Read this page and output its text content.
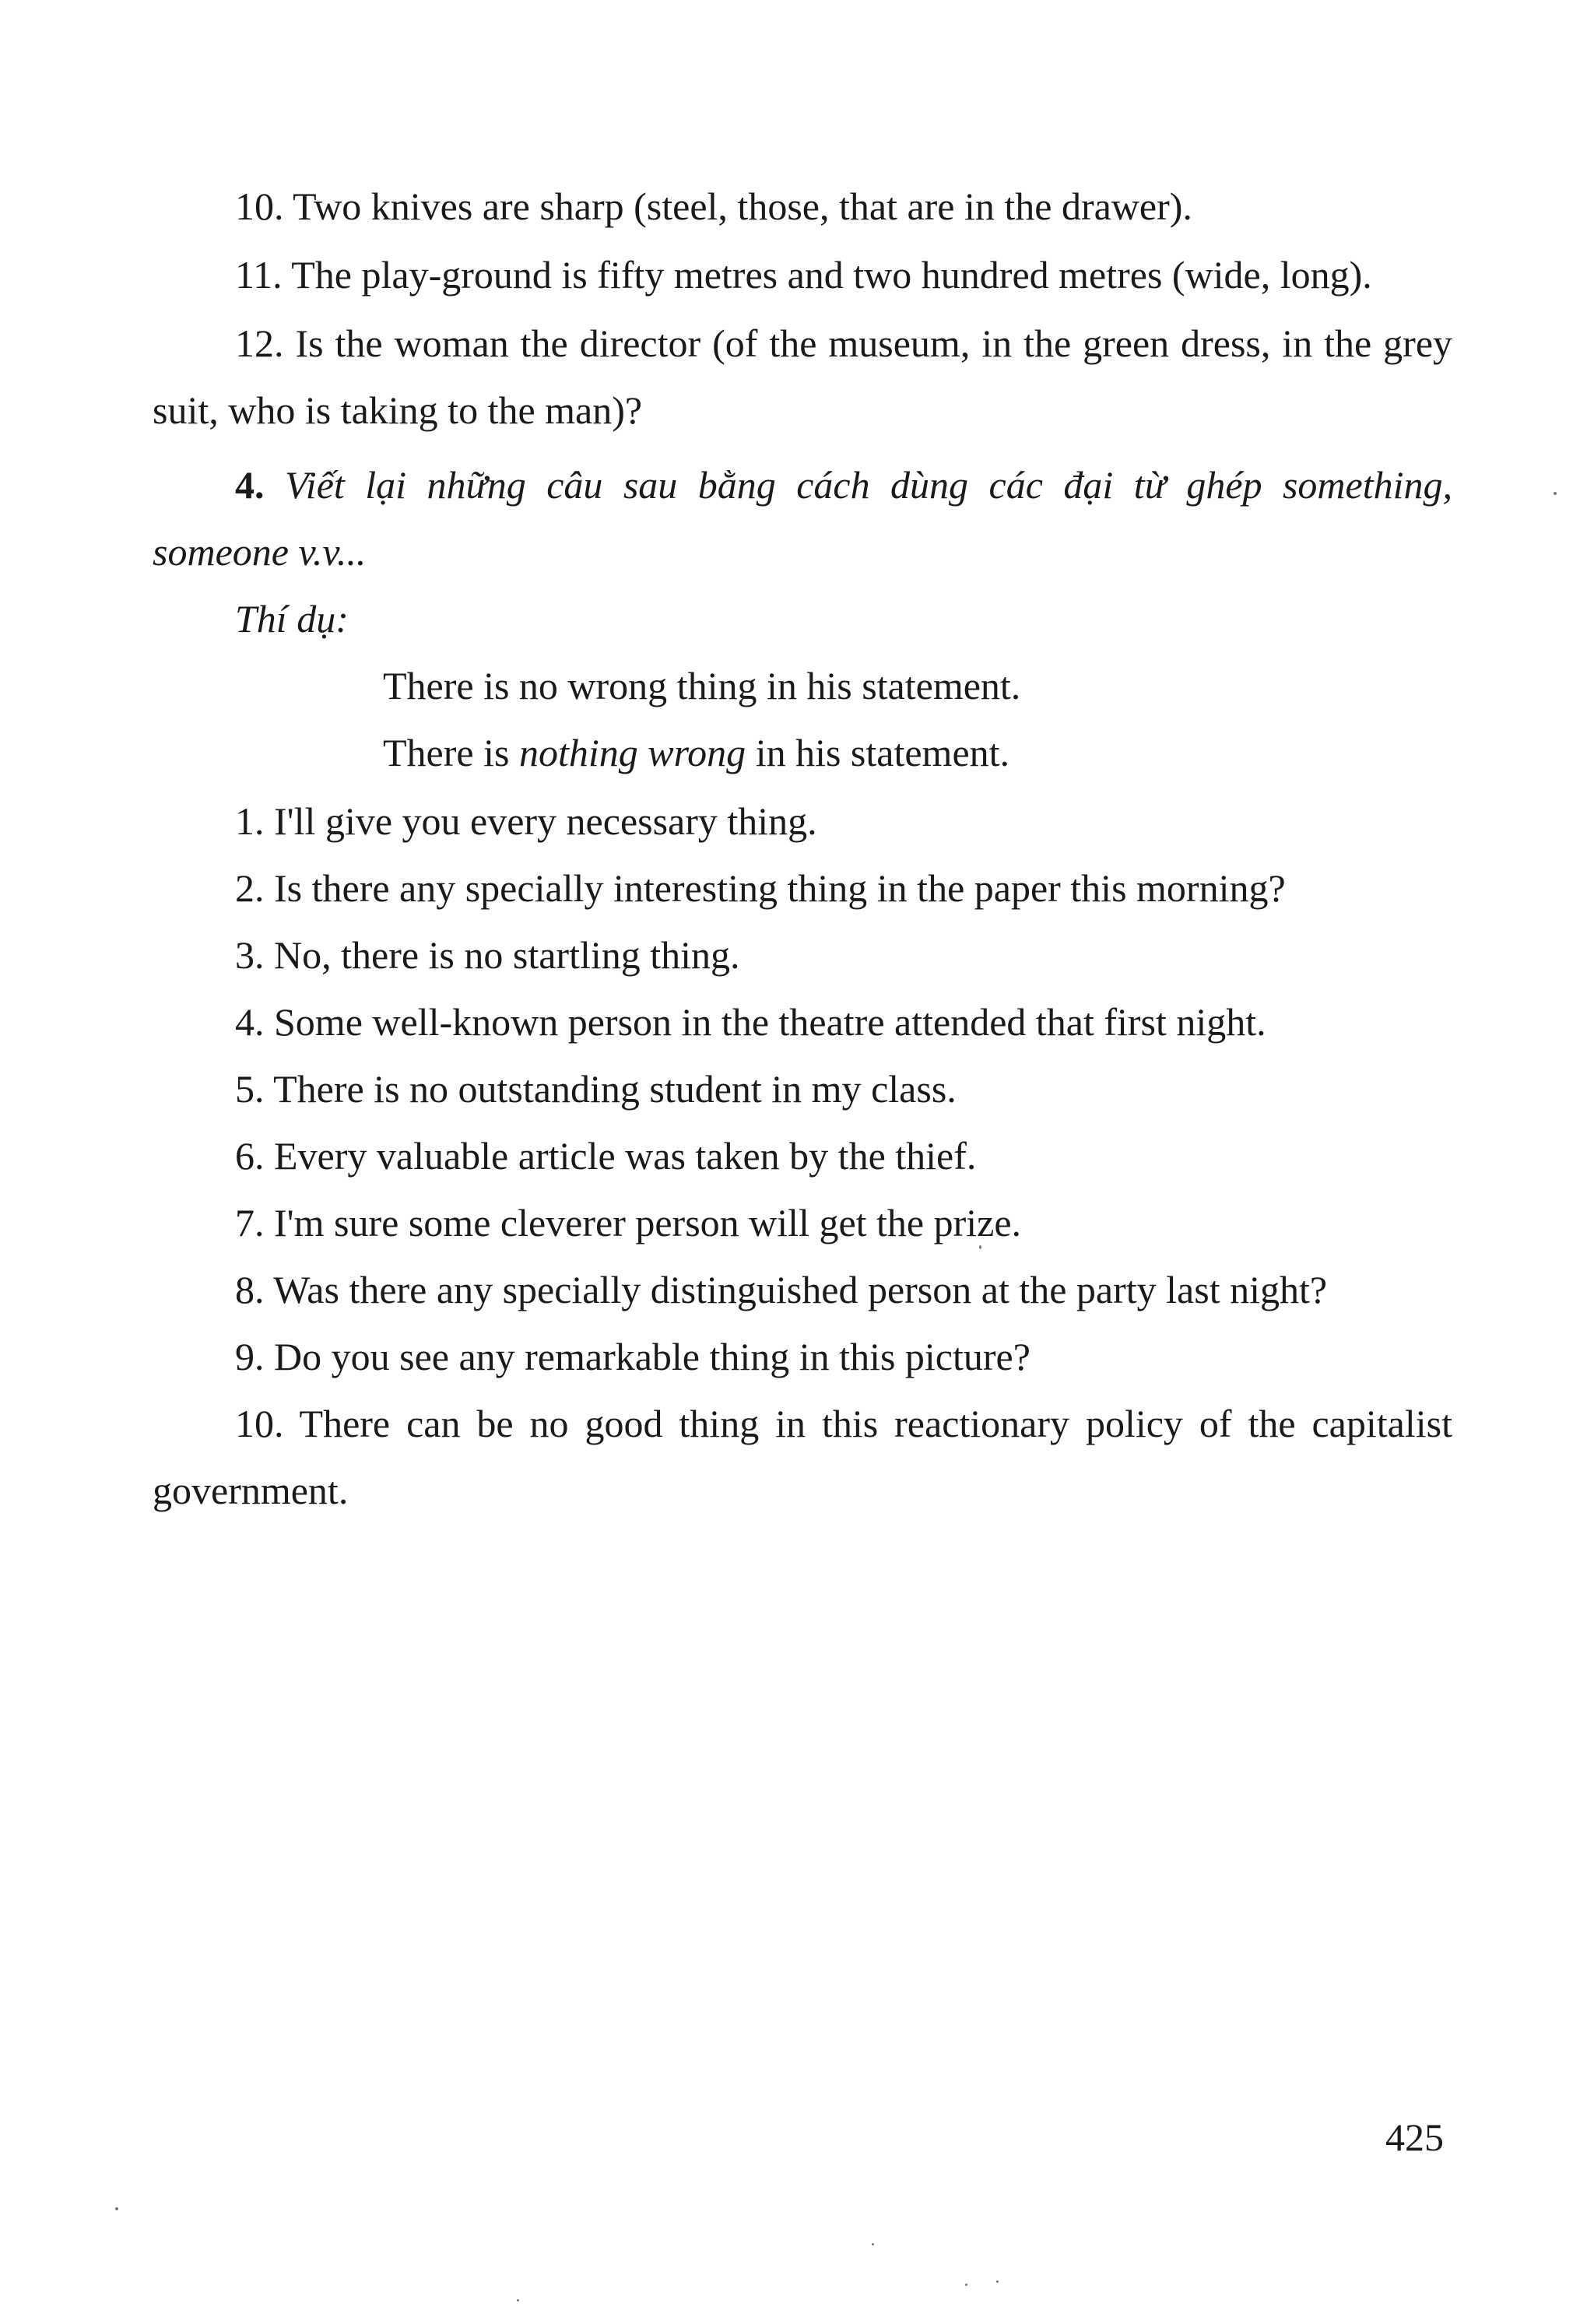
10. Two knives are sharp (steel, those, that are in the drawer).

11. The play-ground is fifty metres and two hundred metres (wide, long).

12. Is the woman the director (of the museum, in the green dress, in the grey suit, who is taking to the man)?

4. Viết lại những câu sau bằng cách dùng các đại từ ghép something, someone v.v...

Thí dụ:

There is no wrong thing in his statement.

There is nothing wrong in his statement.

1. I'll give you every necessary thing.

2. Is there any specially interesting thing in the paper this morning?

3. No, there is no startling thing.

4. Some well-known person in the theatre attended that first night.

5. There is no outstanding student in my class.

6. Every valuable article was taken by the thief.

7. I'm sure some cleverer person will get the prize.

8. Was there any specially distinguished person at the party last night?

9. Do you see any remarkable thing in this picture?

10. There can be no good thing in this reactionary policy of the capitalist government.

425
